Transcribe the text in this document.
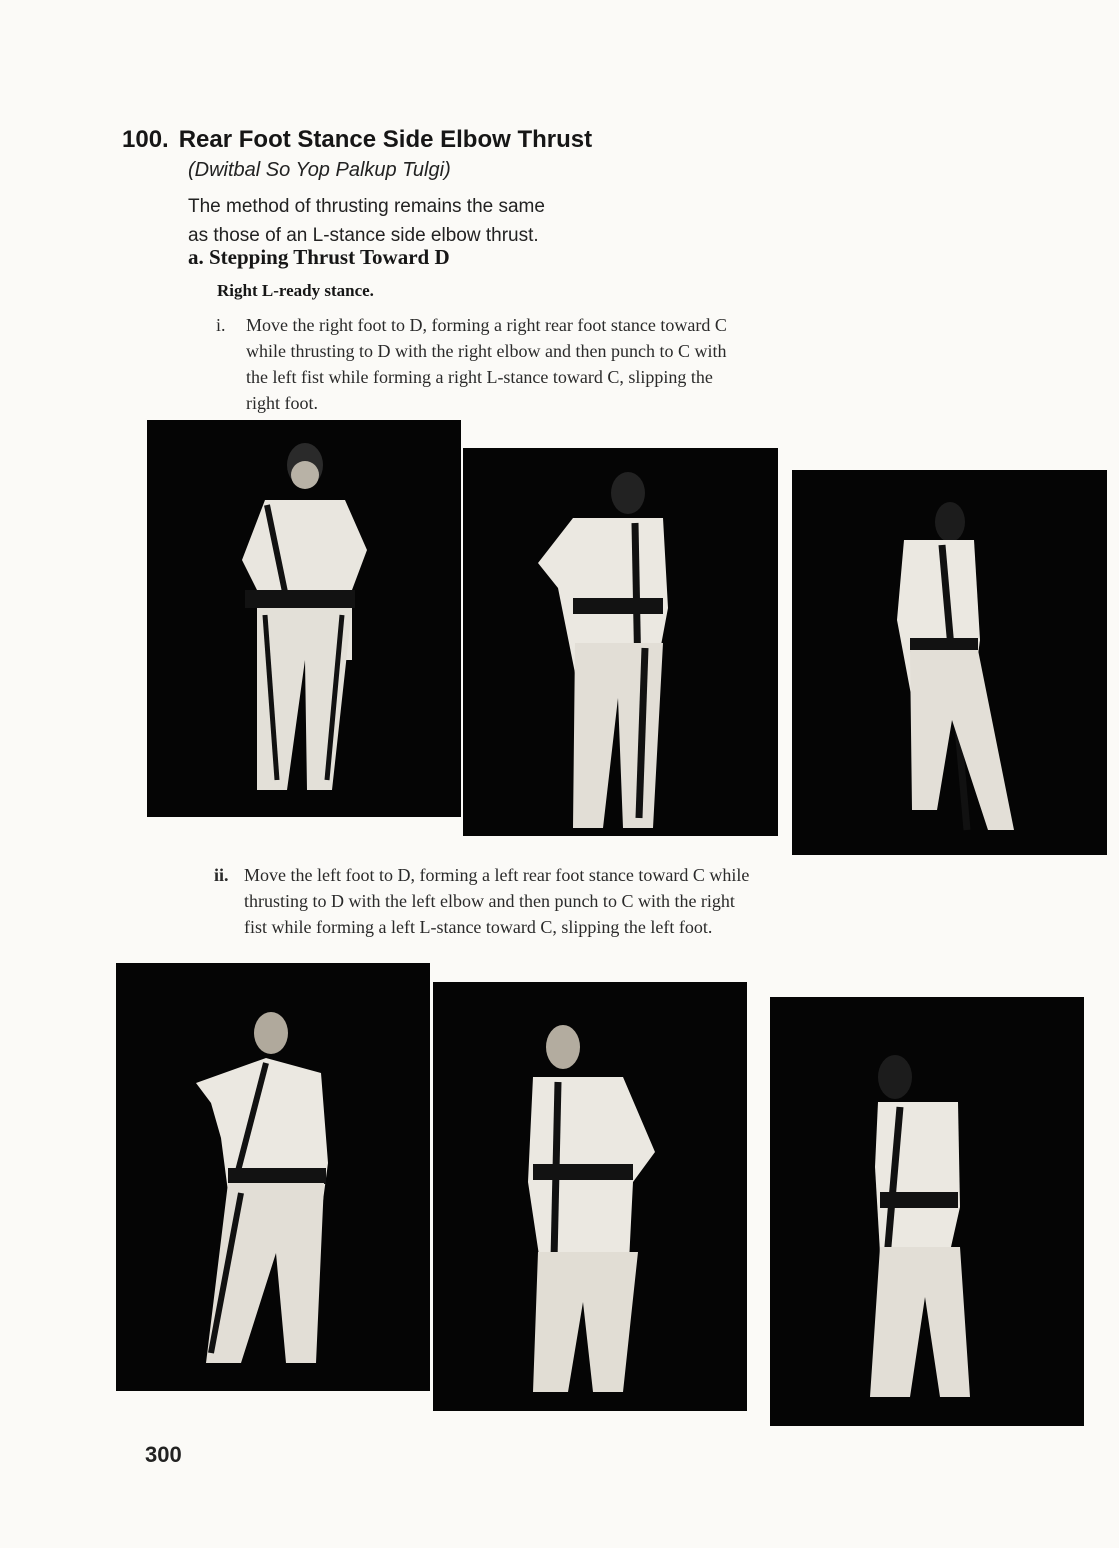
100. Rear Foot Stance Side Elbow Thrust
(Dwitbal So Yop Palkup Tulgi)
The method of thrusting remains the same
as those of an L-stance side elbow thrust.
a. Stepping Thrust Toward D
Right L-ready stance.
i. Move the right foot to D, forming a right rear foot stance toward C
while thrusting to D with the right elbow and then punch to C with
the left fist while forming a right L-stance toward C, slipping the
right foot.
ii. Move the left foot to D, forming a left rear foot stance toward C while
thrusting to D with the left elbow and then punch to C with the right
fist while forming a left L-stance toward C, slipping the left foot.
300
